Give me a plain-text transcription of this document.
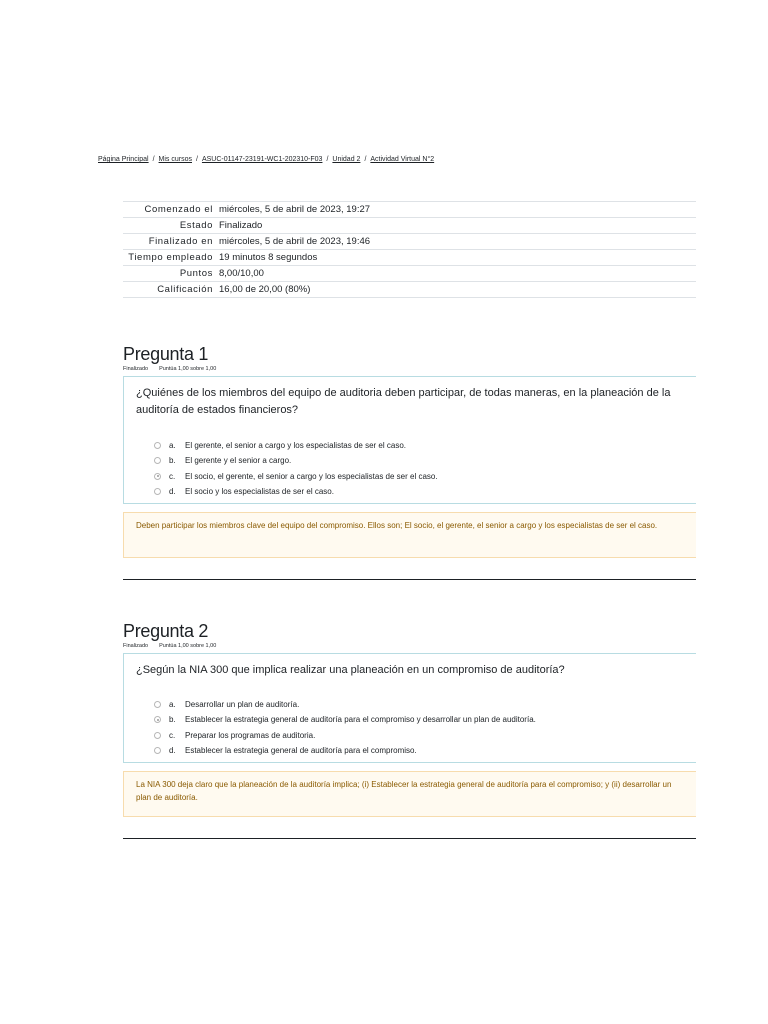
Página Principal / Mis cursos / ASUC-01147-23191-WC1-202310-F03 / Unidad 2 / Actividad Virtual N°2
Comenzado el	miércoles, 5 de abril de 2023, 19:27
Estado	Finalizado
Finalizado en	miércoles, 5 de abril de 2023, 19:46
Tiempo empleado	19 minutos 8 segundos
Puntos	8,00/10,00
Calificación	16,00 de 20,00 (80%)
Pregunta 1
Finalizado Puntúa 1,00 sobre 1,00

¿Quiénes de los miembros del equipo de auditoria deben participar, de todas maneras, en la planeación de la auditoría de estados financieros?

a.	El gerente, el senior a cargo y los especialistas de ser el caso.
b.	El gerente y el senior a cargo.
c.	El socio, el gerente, el senior a cargo y los especialistas de ser el caso.
d.	El socio y los especialistas de ser el caso.
Deben participar los miembros clave del equipo del compromiso. Ellos son; El socio, el gerente, el senior a cargo y los especialistas de ser el caso.
Pregunta 2
Finalizado Puntúa 1,00 sobre 1,00

¿Según la NIA 300 que implica realizar una planeación en un compromiso de auditoría?

a.	Desarrollar un plan de auditoría.
b.	Establecer la estrategia general de auditoría para el compromiso y desarrollar un plan de auditoría.
c.	Preparar los programas de auditoria.
d.	Establecer la estrategia general de auditoría para el compromiso.
La NIA 300 deja claro que la planeación de la auditoría implica; (i) Establecer la estrategia general de auditoría para el compromiso; y (ii) desarrollar un plan de auditoría.
